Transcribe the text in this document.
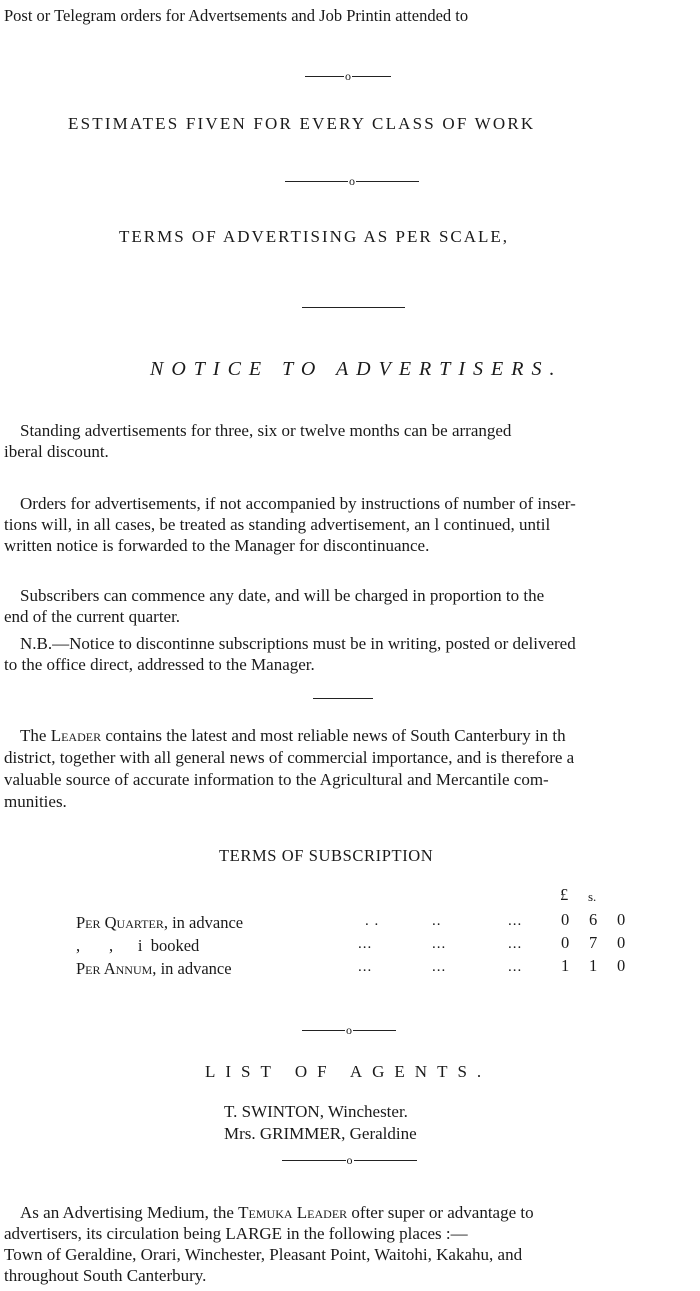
Post or Telegram orders for Advertsements and Job Printin attended to
o
ESTIMATES FIVEN FOR EVERY CLASS OF WORK
o
TERMS OF ADVERTISING AS PER SCALE,
NOTICE TO ADVERTISERS.
Standing advertisements for three, six or twelve months can be arranged
iberal discount.
Orders for advertisements, if not accompanied by instructions of number of inser-
tions will, in all cases, be treated as standing advertisement, an l continued, until
written notice is forwarded to the Manager for discontinuance.
Subscribers can commence any date, and will be charged in proportion to the
end of the current quarter.
N.B.—Notice to discontinne subscriptions must be in writing, posted or delivered
to the office direct, addressed to the Manager.
The Leader contains the latest and most reliable news of South Canterbury in th
district, together with all general news of commercial importance, and is therefore a
valuable source of accurate information to the Agricultural and Mercantile com-
munities.
TERMS OF SUBSCRIPTION
£ s.
Per Quarter, in advance	. .	..	... 0 6 0
,       ,      i  booked	...	...	... 0 7 0
Per Annum, in advance	...	...	... 1 1 0
o
LIST OF AGENTS.
T. SWINTON, Winchester.
Mrs. GRIMMER, Geraldine
o
As an Advertising Medium, the Temuka Leader ofter super or advantage to
advertisers, its circulation being LARGE in the following places :—
Town of Geraldine, Orari, Winchester, Pleasant Point, Waitohi, Kakahu, and
throughout South Canterbury.
